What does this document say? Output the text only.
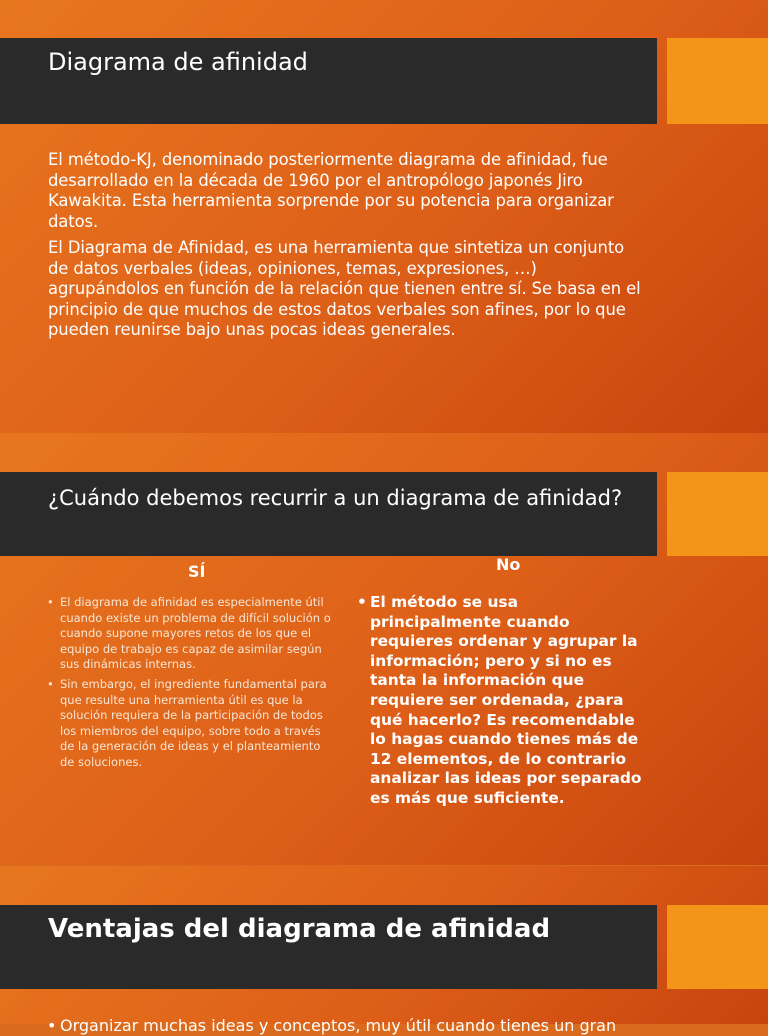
Diagrama de afinidad

El método-KJ, denominado posteriormente diagrama de afinidad, fue desarrollado en la década de 1960 por el antropólogo japonés Jiro Kawakita. Esta herramienta sorprende por su potencia para organizar datos.

El Diagrama de Afinidad, es una herramienta que sintetiza un conjunto de datos verbales (ideas, opiniones, temas, expresiones, …) agrupándolos en función de la relación que tienen entre sí. Se basa en el principio de que muchos de estos datos verbales son afines, por lo que pueden reunirse bajo unas pocas ideas generales.

¿Cuándo debemos recurrir a un diagrama de afinidad?
SÍ	No
• El diagrama de afinidad es especialmente útil cuando existe un problema de difícil solución o cuando supone mayores retos de los que el equipo de trabajo es capaz de asimilar según sus dinámicas internas.
• Sin embargo, el ingrediente fundamental para que resulte una herramienta útil es que la solución requiera de la participación de todos los miembros del equipo, sobre todo a través de la generación de ideas y el planteamiento de soluciones.
• El método se usa principalmente cuando requieres ordenar y agrupar la información; pero y si no es tanta la información que requiere ser ordenada, ¿para qué hacerlo? Es recomendable lo hagas cuando tienes más de 12 elementos, de lo contrario analizar las ideas por separado es más que suficiente.
Ventajas del diagrama de afinidad
• Organizar muchas ideas y conceptos, muy útil cuando tienes un gran
